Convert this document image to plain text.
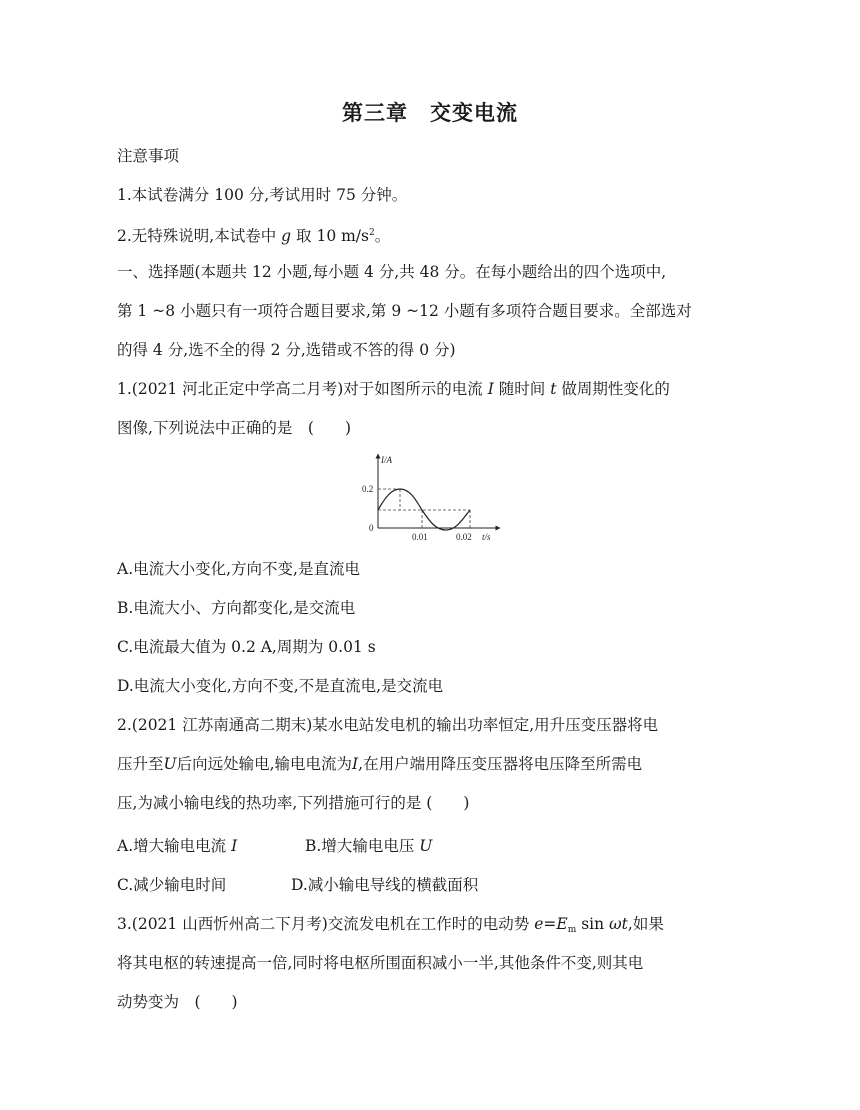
第三章　交变电流
注意事项
1.本试卷满分 100 分,考试用时 75 分钟。
2.无特殊说明,本试卷中 g 取 10 $m/s^2$。
一、选择题(本题共 12 小题,每小题 4 分,共 48 分。在每小题给出的四个选项中,
第 1 ~8 小题只有一项符合题目要求,第 9 ~12 小题有多项符合题目要求。全部选对
的得 4 分,选不全的得 2 分,选错或不答的得 0 分)
1.(2021 河北正定中学高二月考)对于如图所示的电流 I 随时间 t 做周期性变化的
图像,下列说法中正确的是　(　　)
I/A
0.2
0
0.01	0.02 t/s
A.电流大小变化,方向不变,是直流电
B.电流大小、方向都变化,是交流电
C.电流最大值为 0.2 A,周期为 0.01 s
D.电流大小变化,方向不变,不是直流电,是交流电
2.(2021 江苏南通高二期末)某水电站发电机的输出功率恒定,用升压变压器将电
压升至U后向远处输电,输电电流为I,在用户端用降压变压器将电压降至所需电
压,为减小输电线的热功率,下列措施可行的是 (　　)
A.增大输电电流 I	B.增大输电电压 U
C.减少输电时间	D.减小输电导线的横截面积
3.(2021 山西忻州高二下月考)交流发电机在工作时的电动势 $e=E_m$ sin ωt,如果
将其电枢的转速提高一倍,同时将电枢所围面积减小一半,其他条件不变,则其电
动势变为　(　　)
